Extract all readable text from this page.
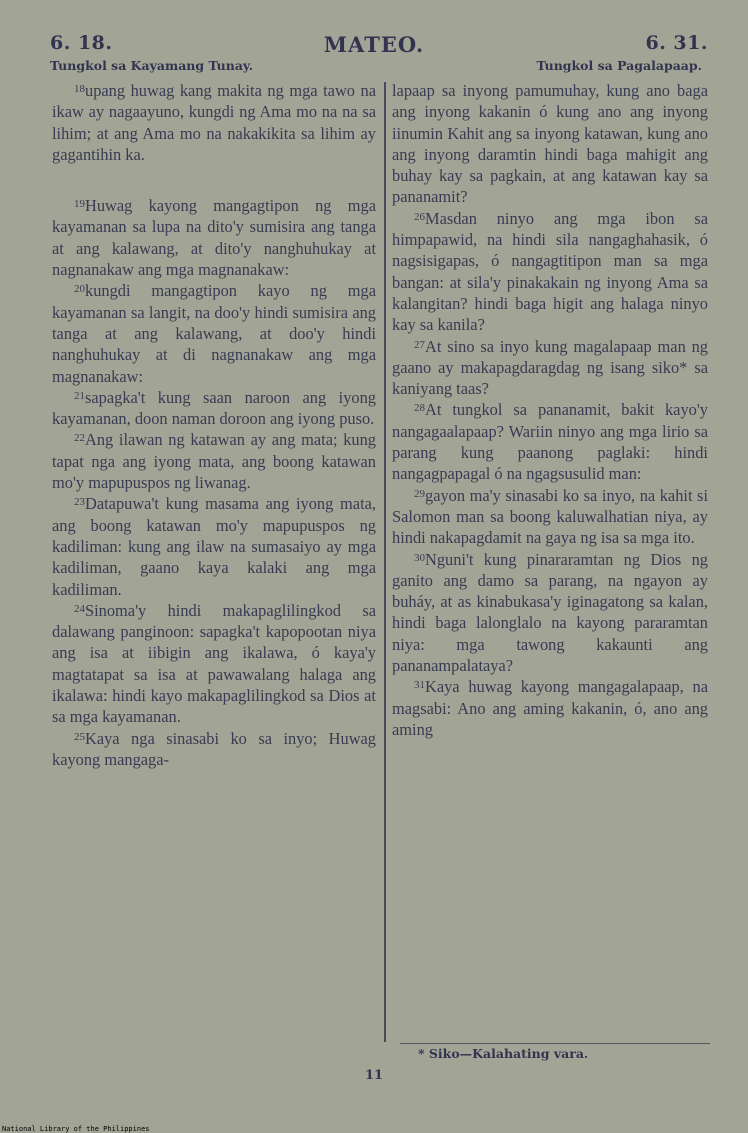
6. 18.	MATEO.	6. 31.
Tungkol sa Kayamang Tunay.	Tungkol sa Pagalapaap.

$^{18}$upang huwag kang makita ng mga tawo na ikaw ay nagaayuno, kungdi ng Ama mo na na sa lihim; at ang Ama mo na nakakikita sa lihim ay gagantihin ka.

$^{19}$Huwag kayong mangagtipon ng mga kayamanan sa lupa na dito'y sumisira ang tanga at ang kalawang, at dito'y nanghuhukay at nagnanakaw ang mga magnanakaw:

$^{20}$kungdi mangagtipon kayo ng mga kayamanan sa langit, na doo'y hindi sumisira ang tanga at ang kalawang, at doo'y hindi nanghuhukay at di nagnanakaw ang mga magnanakaw:

$^{21}$sapagka't kung saan naroon ang iyong kayamanan, doon naman doroon ang iyong puso.

$^{22}$Ang ilawan ng katawan ay ang mata; kung tapat nga ang iyong mata, ang boong katawan mo'y mapupuspos ng liwanag.

$^{23}$Datapuwa't kung masama ang iyong mata, ang boong katawan mo'y mapupuspos ng kadiliman: kung ang ilaw na sumasaiyo ay mga kadiliman, gaano kaya kalaki ang mga kadiliman.

$^{24}$Sinoma'y hindi makapaglilingkod sa dalawang panginoon: sapagka't kapopootan niya ang isa at iibigin ang ikalawa, ó kaya'y magtatapat sa isa at pawawalang halaga ang ikalawa: hindi kayo makapaglilingkod sa Dios at sa mga kayamanan.

$^{25}$Kaya nga sinasabi ko sa inyo; Huwag kayong mangaga-

lapaap sa inyong pamumuhay, kung ano baga ang inyong kakanin ó kung ano ang inyong iinumin Kahit ang sa inyong katawan, kung ano ang inyong daramtin hindi baga mahigit ang buhay kay sa pagkain, at ang katawan kay sa pananamit?

$^{26}$Masdan ninyo ang mga ibon sa himpapawid, na hindi sila nangaghahasik, ó nagsisigapas, ó nangagtitipon man sa mga bangan: at sila'y pinakakain ng inyong Ama sa kalangitan? hindi baga higit ang halaga ninyo kay sa kanila?

$^{27}$At sino sa inyo kung magalapaap man ng gaano ay makapagdaragdag ng isang siko* sa kaniyang taas?

$^{28}$At tungkol sa pananamit, bakit kayo'y nangagaalapaap? Wariin ninyo ang mga lirio sa parang kung paanong paglaki: hindi nangagpapagal ó na ngagsusulid man:

$^{29}$gayon ma'y sinasabi ko sa inyo, na kahit si Salomon man sa boong kaluwalhatian niya, ay hindi nakapagdamit na gaya ng isa sa mga ito.

$^{30}$Nguni't kung pinararamtan ng Dios ng ganito ang damo sa parang, na ngayon ay buháy, at as kinabukasa'y iginagatong sa kalan, hindi baga lalonglalo na kayong pararamtan niya: mga tawong kakaunti ang pananampalataya?

$^{31}$Kaya huwag kayong mangagalapaap, na magsabi: Ano ang aming kakanin, ó, ano ang aming

* Siko—Kalahating vara.
11
National Library of the Philippines
